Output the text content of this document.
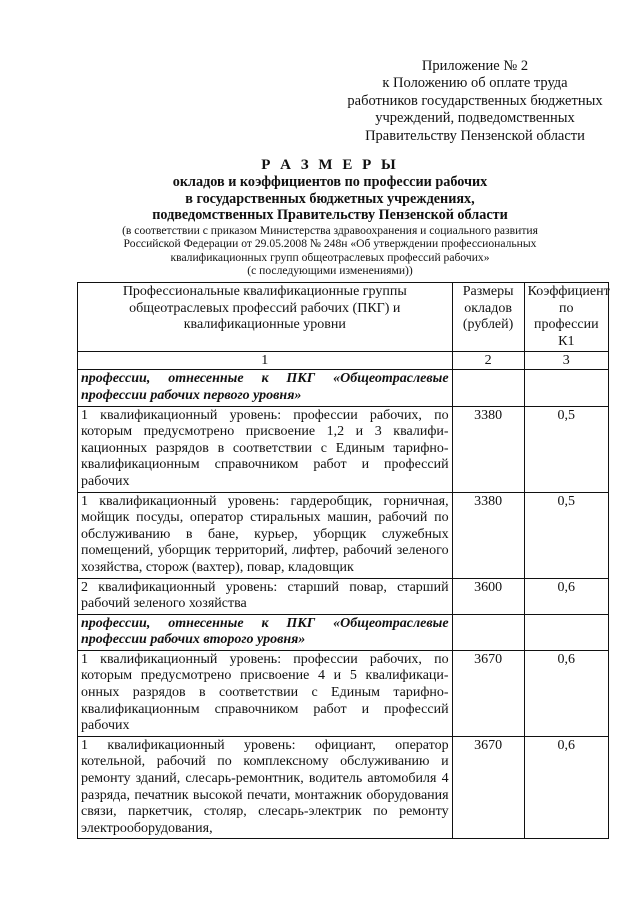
Приложение № 2
к Положению об оплате труда
работников государственных бюджетных
учреждений, подведомственных
Правительству Пензенской области
Р А З М Е Р Ы
окладов и коэффициентов по профессии рабочих
в государственных бюджетных учреждениях,
подведомственных Правительству Пензенской области
(в соответствии с приказом Министерства здравоохранения и социального развития
Российской Федерации от 29.05.2008 № 248н «Об утверждении профессиональных
квалификационных групп общеотраслевых профессий рабочих»
(с последующими изменениями))
Профессиональные квалификационные группы общеотраслевых профессий рабочих (ПКГ) и квалификационные уровни	Размеры окладов (рублей)	Коэффициент по профессии К1
1	2	3
профессии, отнесенные к ПКГ «Общеотраслевые профессии рабочих первого уровня»		
1 квалификационный уровень: профессии рабочих, по которым предусмотрено присвоение 1,2 и 3 квалифи-кационных разрядов в соответствии с Единым тарифно-квалификационным справочником работ и профессий рабочих	3380	0,5
1 квалификационный уровень: гардеробщик, горничная, мойщик посуды, оператор стиральных машин, рабочий по обслуживанию в бане, курьер, уборщик служебных помещений, уборщик территорий, лифтер, рабочий зеленого хозяйства, сторож (вахтер), повар, кладовщик	3380	0,5
2 квалификационный уровень: старший повар, старший рабочий зеленого хозяйства	3600	0,6
профессии, отнесенные к ПКГ «Общеотраслевые профессии рабочих второго уровня»		
1 квалификационный уровень: профессии рабочих, по которым предусмотрено присвоение 4 и 5 квалификаци-онных разрядов в соответствии с Единым тарифно-квалификационным справочником работ и профессий рабочих	3670	0,6
1 квалификационный уровень: официант, оператор котельной, рабочий по комплексному обслуживанию и ремонту зданий, слесарь-ремонтник, водитель автомобиля 4 разряда, печатник высокой печати, монтажник оборудования связи, паркетчик, столяр, слесарь-электрик по ремонту электрооборудования,	3670	0,6
